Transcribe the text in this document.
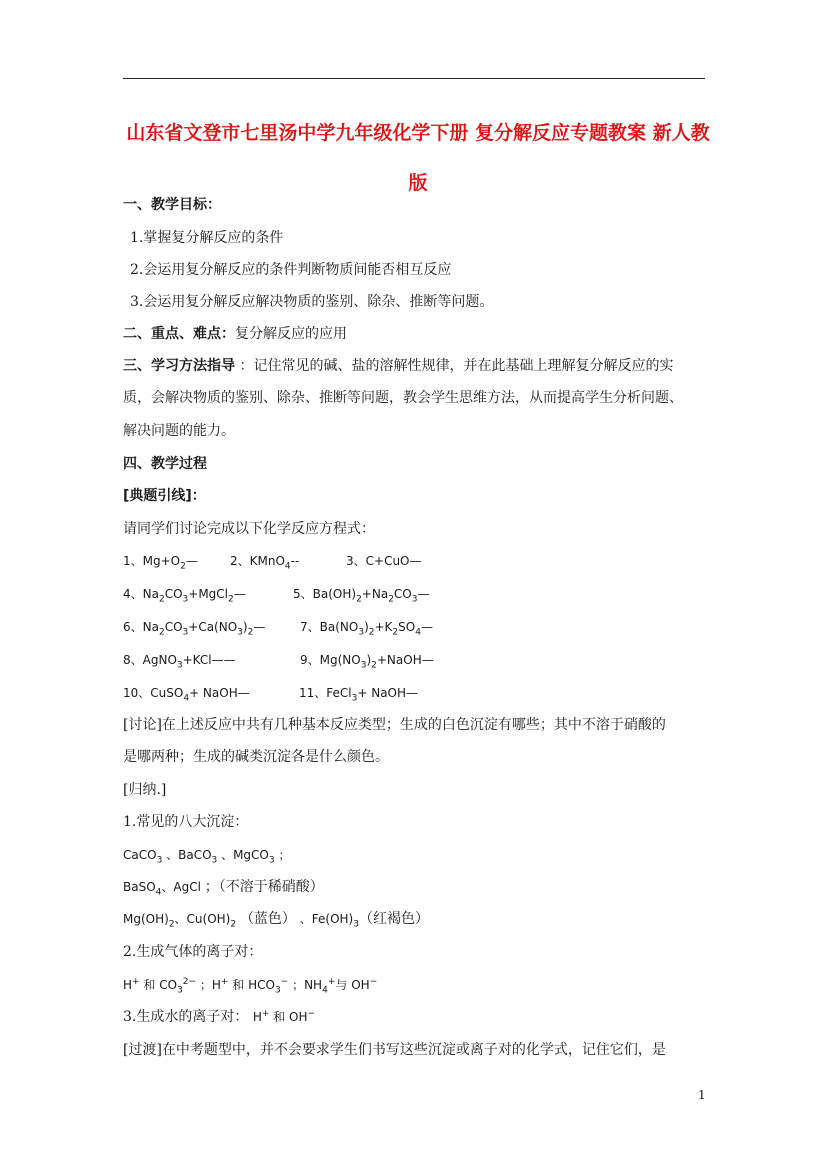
山东省文登市七里汤中学九年级化学下册 复分解反应专题教案 新人教版
一、教学目标：
1.掌握复分解反应的条件
2.会运用复分解反应的条件判断物质间能否相互反应
3.会运用复分解反应解决物质的鉴别、除杂、推断等问题。
二、重点、难点：复分解反应的应用
三、学习方法指导 ：记住常见的碱、盐的溶解性规律，并在此基础上理解复分解反应的实
质，会解决物质的鉴别、除杂、推断等问题，教会学生思维方法，从而提高学生分析问题、
解决问题的能力。
四、教学过程
[典题引线]：
请同学们讨论完成以下化学反应方程式：
1、$Mg+O_2—$	2、KMnO$_4$--	3、C+CuO—
4、$Na_2CO_3+MgCl_2—$	5、$Ba(OH)_2+Na_2CO_3—$
6、$Na_2CO_3+Ca(NO_3)_2—$	7、$Ba(NO_3)_2+K_2SO_4—$
8、AgNO$_3$+KCl——	9、$Mg(NO_3)_2+NaOH—$
10、CuSO$_4$+ NaOH—	11、FeCl$_3$+ NaOH—
[讨论]在上述反应中共有几种基本反应类型；生成的白色沉淀有哪些；其中不溶于硝酸的
是哪两种；生成的碱类沉淀各是什么颜色。
[归纳.]
1.常见的八大沉淀：
CaCO$_3$ 、BaCO$_3$ 、MgCO$_3$ ；
BaSO$_4$、AgCl ；（不溶于稀硝酸）
$Mg(OH)_2$、$Cu(OH)_2$ （蓝色） 、$Fe(OH)_3$（红褐色）
2.生成气体的离子对：
H+ 和 $CO_3^{2-}$ ；H+ 和 $HCO_3^-$ ；$NH_4^+$与 OH−
3.生成水的离子对： H+ 和 OH−
[过渡]在中考题型中，并不会要求学生们书写这些沉淀或离子对的化学式，记住它们，是
1
